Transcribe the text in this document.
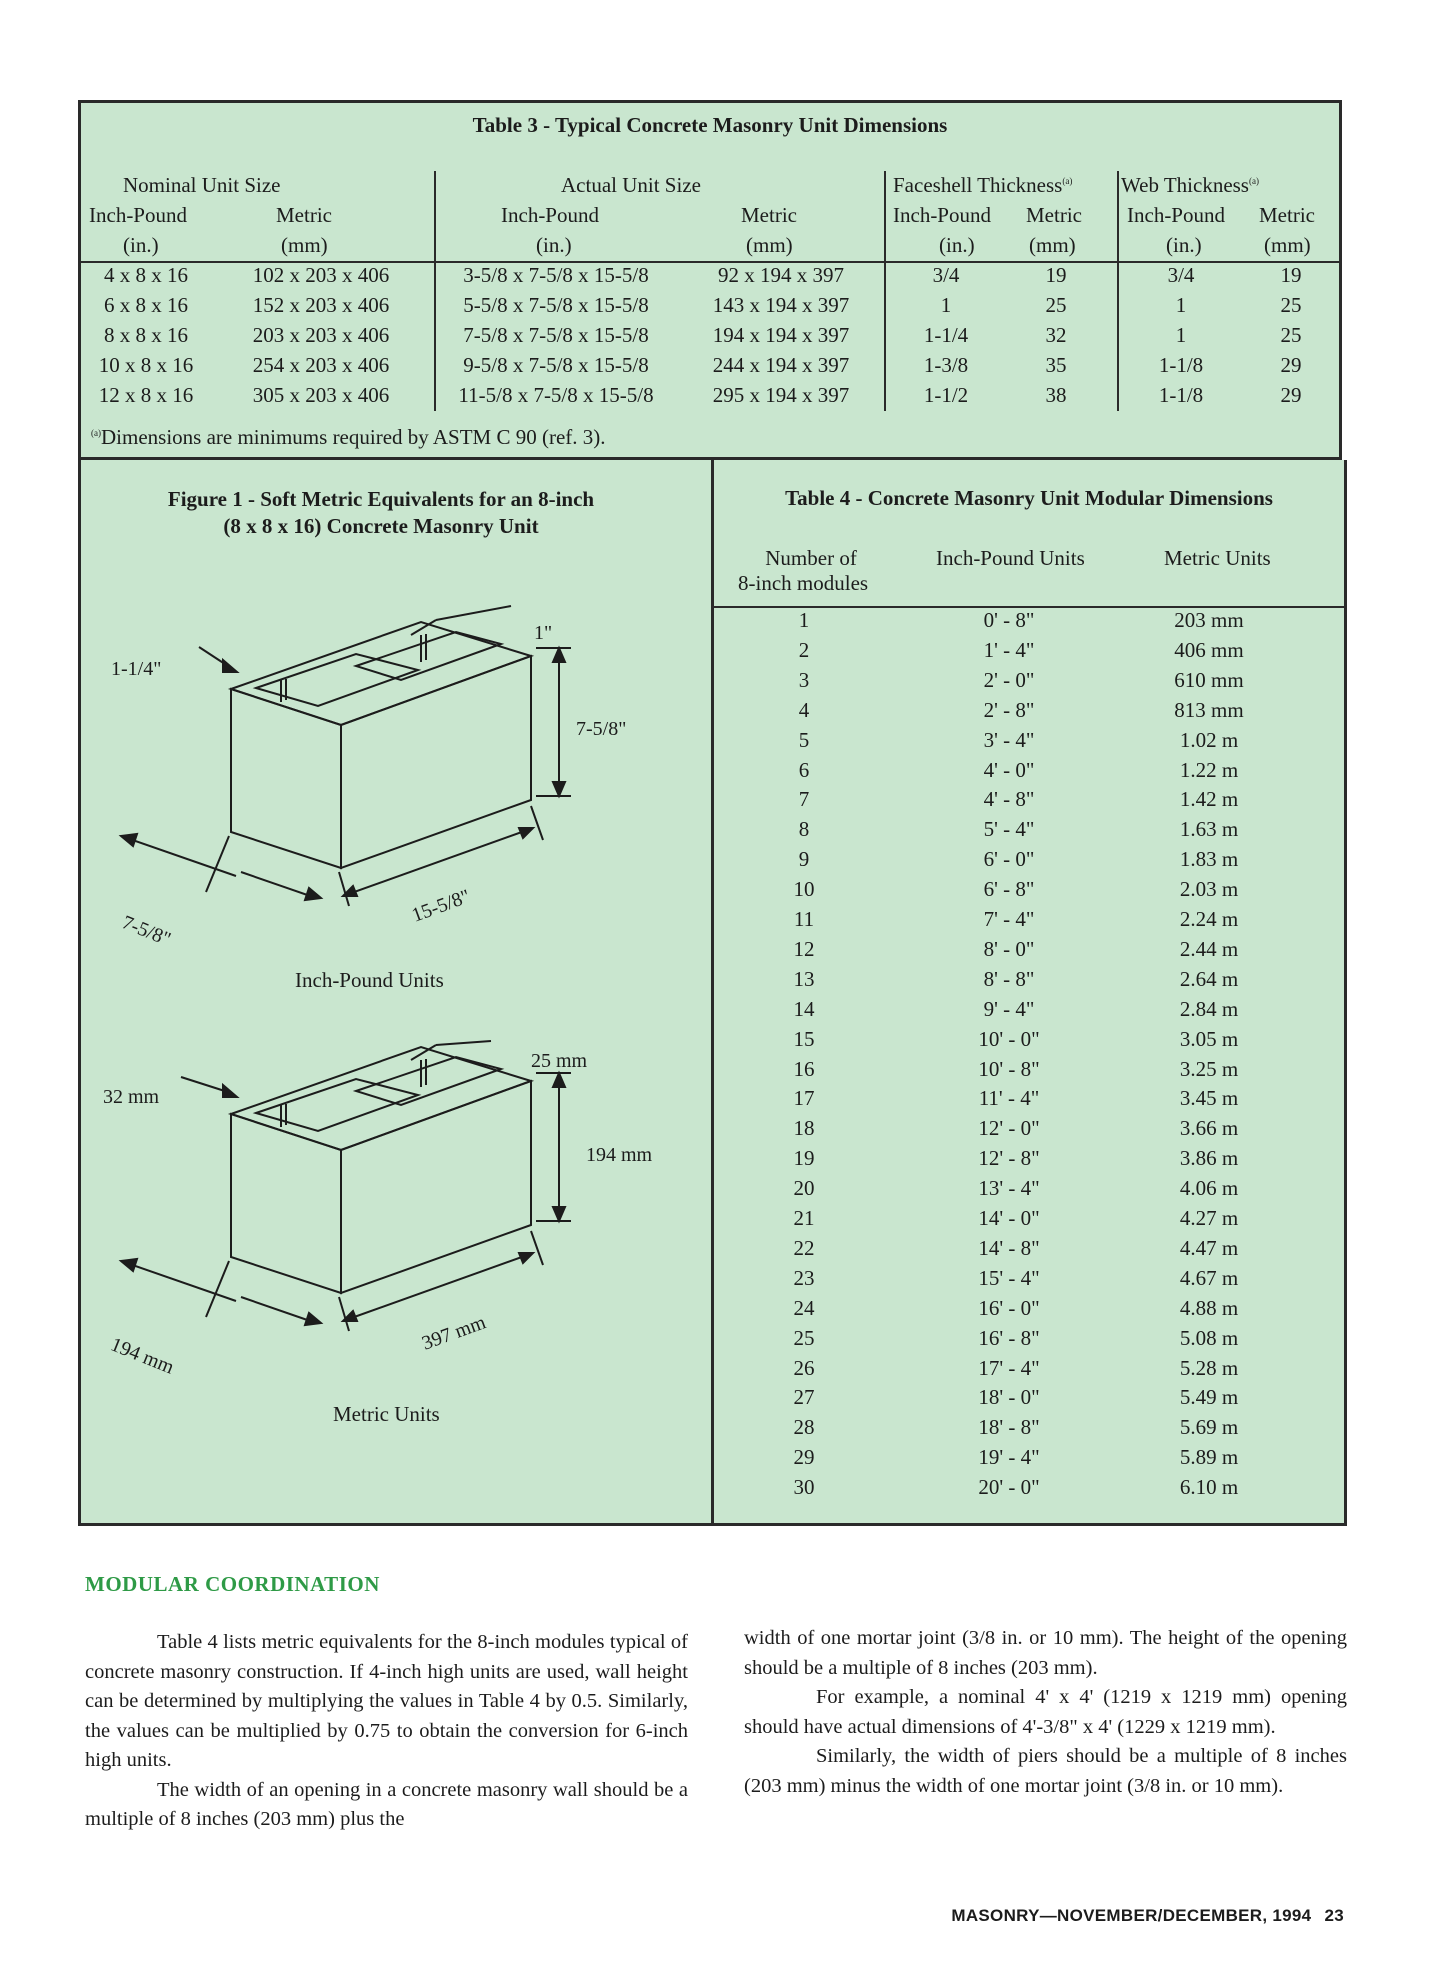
Table 3 - Typical Concrete Masonry Unit Dimensions
Nominal Unit Size	Actual Unit Size	Faceshell Thickness$^{(a)}$ Web Thickness$^{(a)}$
Inch-Pound	Metric	Inch-Pound	Metric	Inch-Pound Metric Inch-Pound Metric
(in.)	(mm)	(in.)	(mm)	(in.)	(mm)	(in.)	(mm)
4 x 8 x 16	102 x 203 x 406	3-5/8 x 7-5/8 x 15-5/8	92 x 194 x 397	3/4	19	3/4	19
6 x 8 x 16	152 x 203 x 406	5-5/8 x 7-5/8 x 15-5/8	143 x 194 x 397	1	25	1	25
8 x 8 x 16	203 x 203 x 406	7-5/8 x 7-5/8 x 15-5/8	194 x 194 x 397	1-1/4	32	1	25
10 x 8 x 16	254 x 203 x 406	9-5/8 x 7-5/8 x 15-5/8	244 x 194 x 397	1-3/8	35	1-1/8	29
12 x 8 x 16	305 x 203 x 406	11-5/8 x 7-5/8 x 15-5/8	295 x 194 x 397	1-1/2	38	1-1/8	29
$^{(a)}$Dimensions are minimums required by ASTM C 90 (ref. 3).
Figure 1 - Soft Metric Equivalents for an 8-inch
(8 x 8 x 16) Concrete Masonry Unit
1-1/4"
1"
7-5/8"
15-5/8"
7-5/8"
Inch-Pound Units
32 mm
25 mm
194 mm
397 mm
194 mm
Metric Units
Table 4 - Concrete Masonry Unit Modular Dimensions
Number of
8-inch modules
Inch-Pound Units	Metric Units
1	0' - 8"	203 mm
2	1' - 4"	406 mm
3	2' - 0"	610 mm
4	2' - 8"	813 mm
5	3' - 4"	1.02 m
6	4' - 0"	1.22 m
7	4' - 8"	1.42 m
8	5' - 4"	1.63 m
9	6' - 0"	1.83 m
10	6' - 8"	2.03 m
11	7' - 4"	2.24 m
12	8' - 0"	2.44 m
13	8' - 8"	2.64 m
14	9' - 4"	2.84 m
15	10' - 0"	3.05 m
16	10' - 8"	3.25 m
17	11' - 4"	3.45 m
18	12' - 0"	3.66 m
19	12' - 8"	3.86 m
20	13' - 4"	4.06 m
21	14' - 0"	4.27 m
22	14' - 8"	4.47 m
23	15' - 4"	4.67 m
24	16' - 0"	4.88 m
25	16' - 8"	5.08 m
26	17' - 4"	5.28 m
27	18' - 0"	5.49 m
28	18' - 8"	5.69 m
29	19' - 4"	5.89 m
30	20' - 0"	6.10 m
MODULAR COORDINATION

Table 4 lists metric equivalents for the 8-inch modules typical of concrete masonry construction. If 4-inch high units are used, wall height can be determined by multiplying the values in Table 4 by 0.5. Similarly, the values can be multiplied by 0.75 to obtain the conversion for 6-inch high units.

The width of an opening in a concrete masonry wall should be a multiple of 8 inches (203 mm) plus the

width of one mortar joint (3/8 in. or 10 mm). The height of the opening should be a multiple of 8 inches (203 mm).

For example, a nominal 4' x 4' (1219 x 1219 mm) opening should have actual dimensions of 4'-3/8" x 4' (1229 x 1219 mm).

Similarly, the width of piers should be a multiple of 8 inches (203 mm) minus the width of one mortar joint (3/8 in. or 10 mm).

MASONRY—NOVEMBER/DECEMBER, 1994 23
